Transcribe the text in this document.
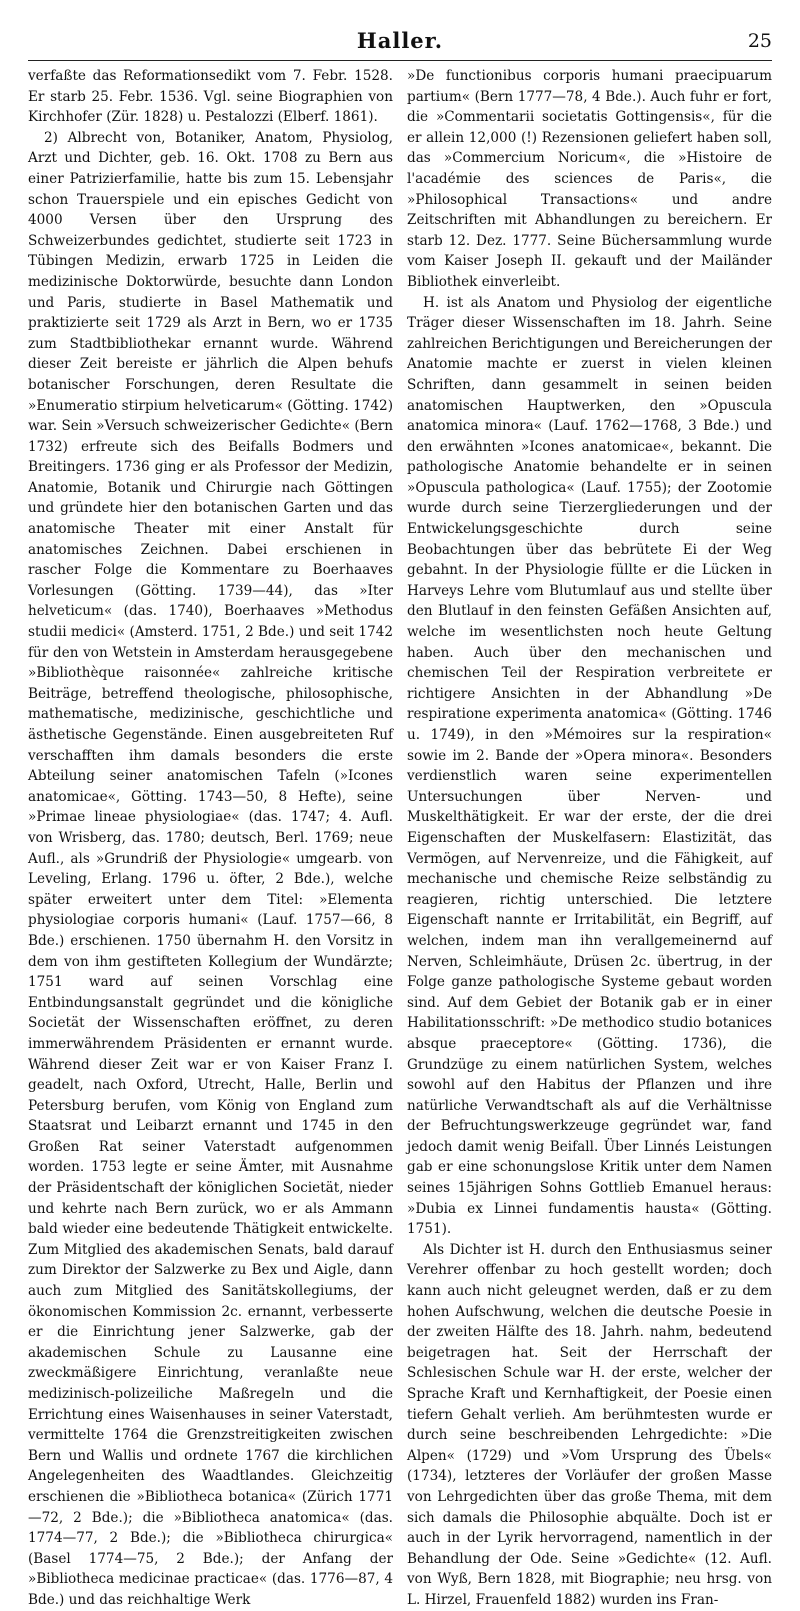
Haller.	25

verfaßte das Reformationsedikt vom 7. Febr. 1528. Er starb 25. Febr. 1536. Vgl. seine Biographien von Kirchhofer (Zür. 1828) u. Pestalozzi (Elberf. 1861).

2) Albrecht von, Botaniker, Anatom, Physiolog, Arzt und Dichter, geb. 16. Okt. 1708 zu Bern aus einer Patrizierfamilie, hatte bis zum 15. Lebensjahr schon Trauerspiele und ein episches Gedicht von 4000 Versen über den Ursprung des Schweizerbundes gedichtet, studierte seit 1723 in Tübingen Medizin, erwarb 1725 in Leiden die medizinische Doktorwürde, besuchte dann London und Paris, studierte in Basel Mathematik und praktizierte seit 1729 als Arzt in Bern, wo er 1735 zum Stadtbibliothekar ernannt wurde. Während dieser Zeit bereiste er jährlich die Alpen behufs botanischer Forschungen, deren Resultate die »Enumeratio stirpium helveticarum« (Götting. 1742) war. Sein »Versuch schweizerischer Gedichte« (Bern 1732) erfreute sich des Beifalls Bodmers und Breitingers. 1736 ging er als Professor der Medizin, Anatomie, Botanik und Chirurgie nach Göttingen und gründete hier den botanischen Garten und das anatomische Theater mit einer Anstalt für anatomisches Zeichnen. Dabei erschienen in rascher Folge die Kommentare zu Boerhaaves Vorlesungen (Götting. 1739—44), das »Iter helveticum« (das. 1740), Boerhaaves »Methodus studii medici« (Amsterd. 1751, 2 Bde.) und seit 1742 für den von Wetstein in Amsterdam herausgegebene »Bibliothèque raisonnée« zahlreiche kritische Beiträge, betreffend theologische, philosophische, mathematische, medizinische, geschichtliche und ästhetische Gegenstände. Einen ausgebreiteten Ruf verschafften ihm damals besonders die erste Abteilung seiner anatomischen Tafeln (»Icones anatomicae«, Götting. 1743—50, 8 Hefte), seine »Primae lineae physiologiae« (das. 1747; 4. Aufl. von Wrisberg, das. 1780; deutsch, Berl. 1769; neue Aufl., als »Grundriß der Physiologie« umgearb. von Leveling, Erlang. 1796 u. öfter, 2 Bde.), welche später erweitert unter dem Titel: »Elementa physiologiae corporis humani« (Lauf. 1757—66, 8 Bde.) erschienen. 1750 übernahm H. den Vorsitz in dem von ihm gestifteten Kollegium der Wundärzte; 1751 ward auf seinen Vorschlag eine Entbindungsanstalt gegründet und die königliche Societät der Wissenschaften eröffnet, zu deren immerwährendem Präsidenten er ernannt wurde. Während dieser Zeit war er von Kaiser Franz I. geadelt, nach Oxford, Utrecht, Halle, Berlin und Petersburg berufen, vom König von England zum Staatsrat und Leibarzt ernannt und 1745 in den Großen Rat seiner Vaterstadt aufgenommen worden. 1753 legte er seine Ämter, mit Ausnahme der Präsidentschaft der königlichen Societät, nieder und kehrte nach Bern zurück, wo er als Ammann bald wieder eine bedeutende Thätigkeit entwickelte. Zum Mitglied des akademischen Senats, bald darauf zum Direktor der Salzwerke zu Bex und Aigle, dann auch zum Mitglied des Sanitätskollegiums, der ökonomischen Kommission 2c. ernannt, verbesserte er die Einrichtung jener Salzwerke, gab der akademischen Schule zu Lausanne eine zweckmäßigere Einrichtung, veranlaßte neue medizinisch-polizeiliche Maßregeln und die Errichtung eines Waisenhauses in seiner Vaterstadt, vermittelte 1764 die Grenzstreitigkeiten zwischen Bern und Wallis und ordnete 1767 die kirchlichen Angelegenheiten des Waadtlandes. Gleichzeitig erschienen die »Bibliotheca botanica« (Zürich 1771—72, 2 Bde.); die »Bibliotheca anatomica« (das. 1774—77, 2 Bde.); die »Bibliotheca chirurgica« (Basel 1774—75, 2 Bde.); der Anfang der »Bibliotheca medicinae practicae« (das. 1776—87, 4 Bde.) und das reichhaltige Werk

»De functionibus corporis humani praecipuarum partium« (Bern 1777—78, 4 Bde.). Auch fuhr er fort, die »Commentarii societatis Gottingensis«, für die er allein 12,000 (!) Rezensionen geliefert haben soll, das »Commercium Noricum«, die »Histoire de l'académie des sciences de Paris«, die »Philosophical Transactions« und andre Zeitschriften mit Abhandlungen zu bereichern. Er starb 12. Dez. 1777. Seine Büchersammlung wurde vom Kaiser Joseph II. gekauft und der Mailänder Bibliothek einverleibt.

H. ist als Anatom und Physiolog der eigentliche Träger dieser Wissenschaften im 18. Jahrh. Seine zahlreichen Berichtigungen und Bereicherungen der Anatomie machte er zuerst in vielen kleinen Schriften, dann gesammelt in seinen beiden anatomischen Hauptwerken, den »Opuscula anatomica minora« (Lauf. 1762—1768, 3 Bde.) und den erwähnten »Icones anatomicae«, bekannt. Die pathologische Anatomie behandelte er in seinen »Opuscula pathologica« (Lauf. 1755); der Zootomie wurde durch seine Tierzergliederungen und der Entwickelungsgeschichte durch seine Beobachtungen über das bebrütete Ei der Weg gebahnt. In der Physiologie füllte er die Lücken in Harveys Lehre vom Blutumlauf aus und stellte über den Blutlauf in den feinsten Gefäßen Ansichten auf, welche im wesentlichsten noch heute Geltung haben. Auch über den mechanischen und chemischen Teil der Respiration verbreitete er richtigere Ansichten in der Abhandlung »De respiratione experimenta anatomica« (Götting. 1746 u. 1749), in den »Mémoires sur la respiration« sowie im 2. Bande der »Opera minora«. Besonders verdienstlich waren seine experimentellen Untersuchungen über Nerven- und Muskelthätigkeit. Er war der erste, der die drei Eigenschaften der Muskelfasern: Elastizität, das Vermögen, auf Nervenreize, und die Fähigkeit, auf mechanische und chemische Reize selbständig zu reagieren, richtig unterschied. Die letztere Eigenschaft nannte er Irritabilität, ein Begriff, auf welchen, indem man ihn verallgemeinernd auf Nerven, Schleimhäute, Drüsen 2c. übertrug, in der Folge ganze pathologische Systeme gebaut worden sind. Auf dem Gebiet der Botanik gab er in einer Habilitationsschrift: »De methodico studio botanices absque praeceptore« (Götting. 1736), die Grundzüge zu einem natürlichen System, welches sowohl auf den Habitus der Pflanzen und ihre natürliche Verwandtschaft als auf die Verhältnisse der Befruchtungswerkzeuge gegründet war, fand jedoch damit wenig Beifall. Über Linnés Leistungen gab er eine schonungslose Kritik unter dem Namen seines 15jährigen Sohns Gottlieb Emanuel heraus: »Dubia ex Linnei fundamentis hausta« (Götting. 1751).

Als Dichter ist H. durch den Enthusiasmus seiner Verehrer offenbar zu hoch gestellt worden; doch kann auch nicht geleugnet werden, daß er zu dem hohen Aufschwung, welchen die deutsche Poesie in der zweiten Hälfte des 18. Jahrh. nahm, bedeutend beigetragen hat. Seit der Herrschaft der Schlesischen Schule war H. der erste, welcher der Sprache Kraft und Kernhaftigkeit, der Poesie einen tiefern Gehalt verlieh. Am berühmtesten wurde er durch seine beschreibenden Lehrgedichte: »Die Alpen« (1729) und »Vom Ursprung des Übels« (1734), letzteres der Vorläufer der großen Masse von Lehrgedichten über das große Thema, mit dem sich damals die Philosophie abquälte. Doch ist er auch in der Lyrik hervorragend, namentlich in der Behandlung der Ode. Seine »Gedichte« (12. Aufl. von Wyß, Bern 1828, mit Biographie; neu hrsg. von L. Hirzel, Frauenfeld 1882) wurden ins Fran-
